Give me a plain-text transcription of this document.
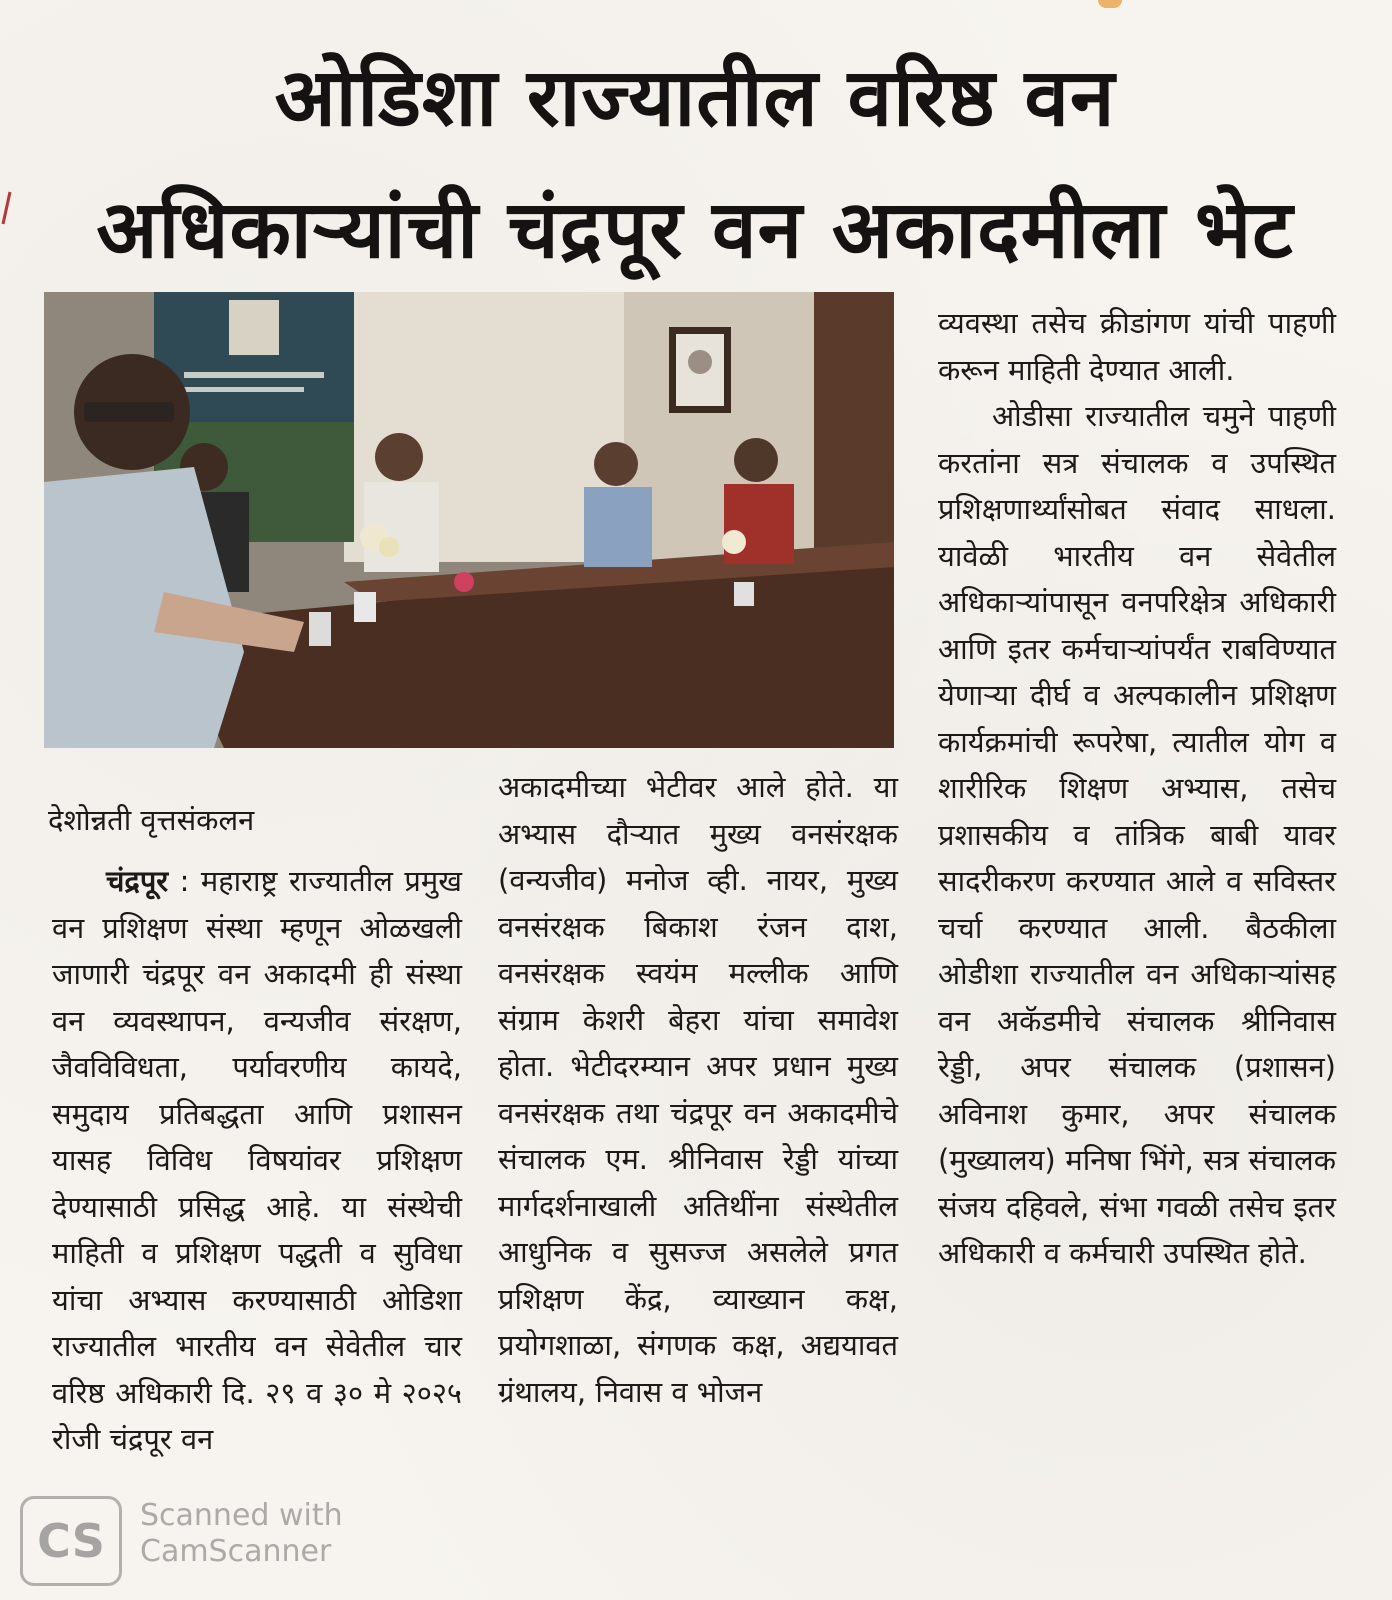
ओडिशा राज्यातील वरिष्ठ वन
अधिकाऱ्यांची चंद्रपूर वन अकादमीला भेट
देशोन्नती वृत्तसंकलन

चंद्रपूर : महाराष्ट्र राज्यातील प्रमुख वन प्रशिक्षण संस्था म्हणून ओळखली जाणारी चंद्रपूर वन अकादमी ही संस्था वन व्यवस्थापन, वन्यजीव संरक्षण, जैवविविधता, पर्यावरणीय कायदे, समुदाय प्रतिबद्धता आणि प्रशासन यासह विविध विषयांवर प्रशिक्षण देण्यासाठी प्रसिद्ध आहे. या संस्थेची माहिती व प्रशिक्षण पद्धती व सुविधा यांचा अभ्यास करण्यासाठी ओडिशा राज्यातील भारतीय वन सेवेतील चार वरिष्ठ अधिकारी दि. २९ व ३० मे २०२५ रोजी चंद्रपूर वन

अकादमीच्या भेटीवर आले होते. या अभ्यास दौऱ्यात मुख्य वनसंरक्षक (वन्यजीव) मनोज व्ही. नायर, मुख्य वनसंरक्षक बिकाश रंजन दाश, वनसंरक्षक स्वयंम मल्लीक आणि संग्राम केशरी बेहरा यांचा समावेश होता. भेटीदरम्यान अपर प्रधान मुख्य वनसंरक्षक तथा चंद्रपूर वन अकादमीचे संचालक एम. श्रीनिवास रेड्डी यांच्या मार्गदर्शनाखाली अतिथींना संस्थेतील आधुनिक व सुसज्ज असलेले प्रगत प्रशिक्षण केंद्र, व्याख्यान कक्ष, प्रयोगशाळा, संगणक कक्ष, अद्ययावत ग्रंथालय, निवास व भोजन

व्यवस्था तसेच क्रीडांगण यांची पाहणी करून माहिती देण्यात आली.

ओडीसा राज्यातील चमुने पाहणी करतांना सत्र संचालक व उपस्थित प्रशिक्षणार्थ्यांसोबत संवाद साधला. यावेळी भारतीय वन सेवेतील अधिकाऱ्यांपासून वनपरिक्षेत्र अधिकारी आणि इतर कर्मचाऱ्यांपर्यंत राबविण्यात येणाऱ्या दीर्घ व अल्पकालीन प्रशिक्षण कार्यक्रमांची रूपरेषा, त्यातील योग व शारीरिक शिक्षण अभ्यास, तसेच प्रशासकीय व तांत्रिक बाबी यावर सादरीकरण करण्यात आले व सविस्तर चर्चा करण्यात आली. बैठकीला ओडीशा राज्यातील वन अधिकाऱ्यांसह वन अकॅडमीचे संचालक श्रीनिवास रेड्डी, अपर संचालक (प्रशासन) अविनाश कुमार, अपर संचालक (मुख्यालय) मनिषा भिंगे, सत्र संचालक संजय दहिवले, संभा गवळी तसेच इतर अधिकारी व कर्मचारी उपस्थित होते.

CS	Scanned with
CamScanner
